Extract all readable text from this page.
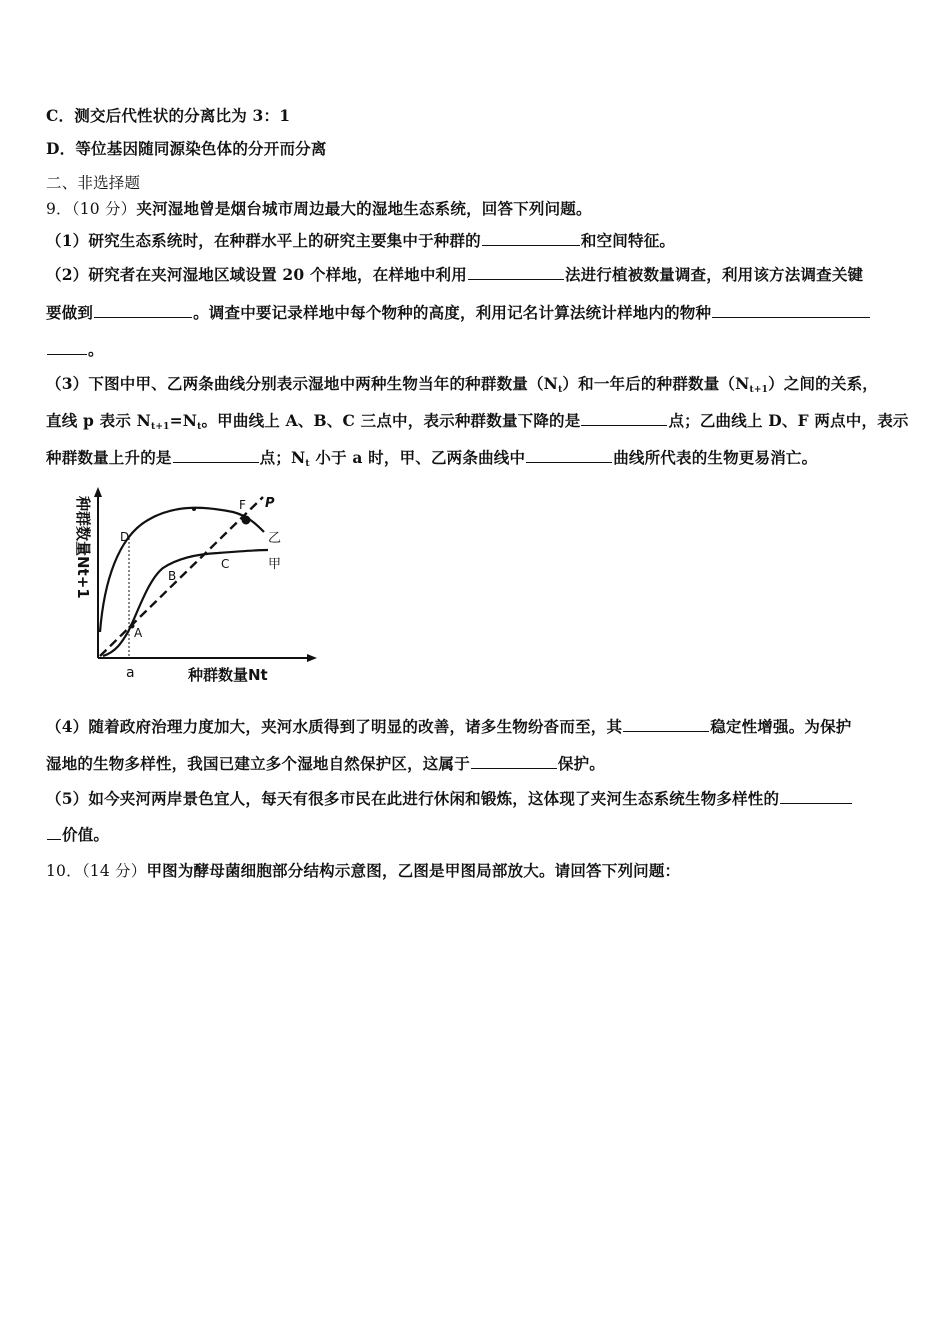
C．测交后代性状的分离比为 3：1
D．等位基因随同源染色体的分开而分离
二、非选择题
9．（10 分）夹河湿地曾是烟台城市周边最大的湿地生态系统，回答下列问题。
（1）研究生态系统时，在种群水平上的研究主要集中于种群的	和空间特征。
（2）研究者在夹河湿地区域设置 20 个样地，在样地中利用	法进行植被数量调查，利用该方法调查关键
要做到	。调查中要记录样地中每个物种的高度，利用记名计算法统计样地内的物种
。
（3）下图中甲、乙两条曲线分别表示湿地中两种生物当年的种群数量$(N_t)$和一年后的种群数量$(N_{t+1})$之间的关系，
直线 p 表示 $N_{t+1}=N_t$。甲曲线上 A、B、C 三点中，表示种群数量下降的是	点；乙曲线上 D、F 两点中，表示
种群数量上升的是	点；$N_t$ 小于 a 时，甲、乙两条曲线中	曲线所代表的生物更易消亡。
种群数量Nt+1
种群数量Nt
a
A
B
C
D
F P
乙
甲
（4）随着政府治理力度加大，夹河水质得到了明显的改善，诸多生物纷沓而至，其	稳定性增强。为保护
湿地的生物多样性，我国已建立多个湿地自然保护区，这属于	保护。
（5）如今夹河两岸景色宜人，每天有很多市民在此进行休闲和锻炼，这体现了夹河生态系统生物多样性的
价值。
10．（14 分）甲图为酵母菌细胞部分结构示意图，乙图是甲图局部放大。请回答下列问题：
